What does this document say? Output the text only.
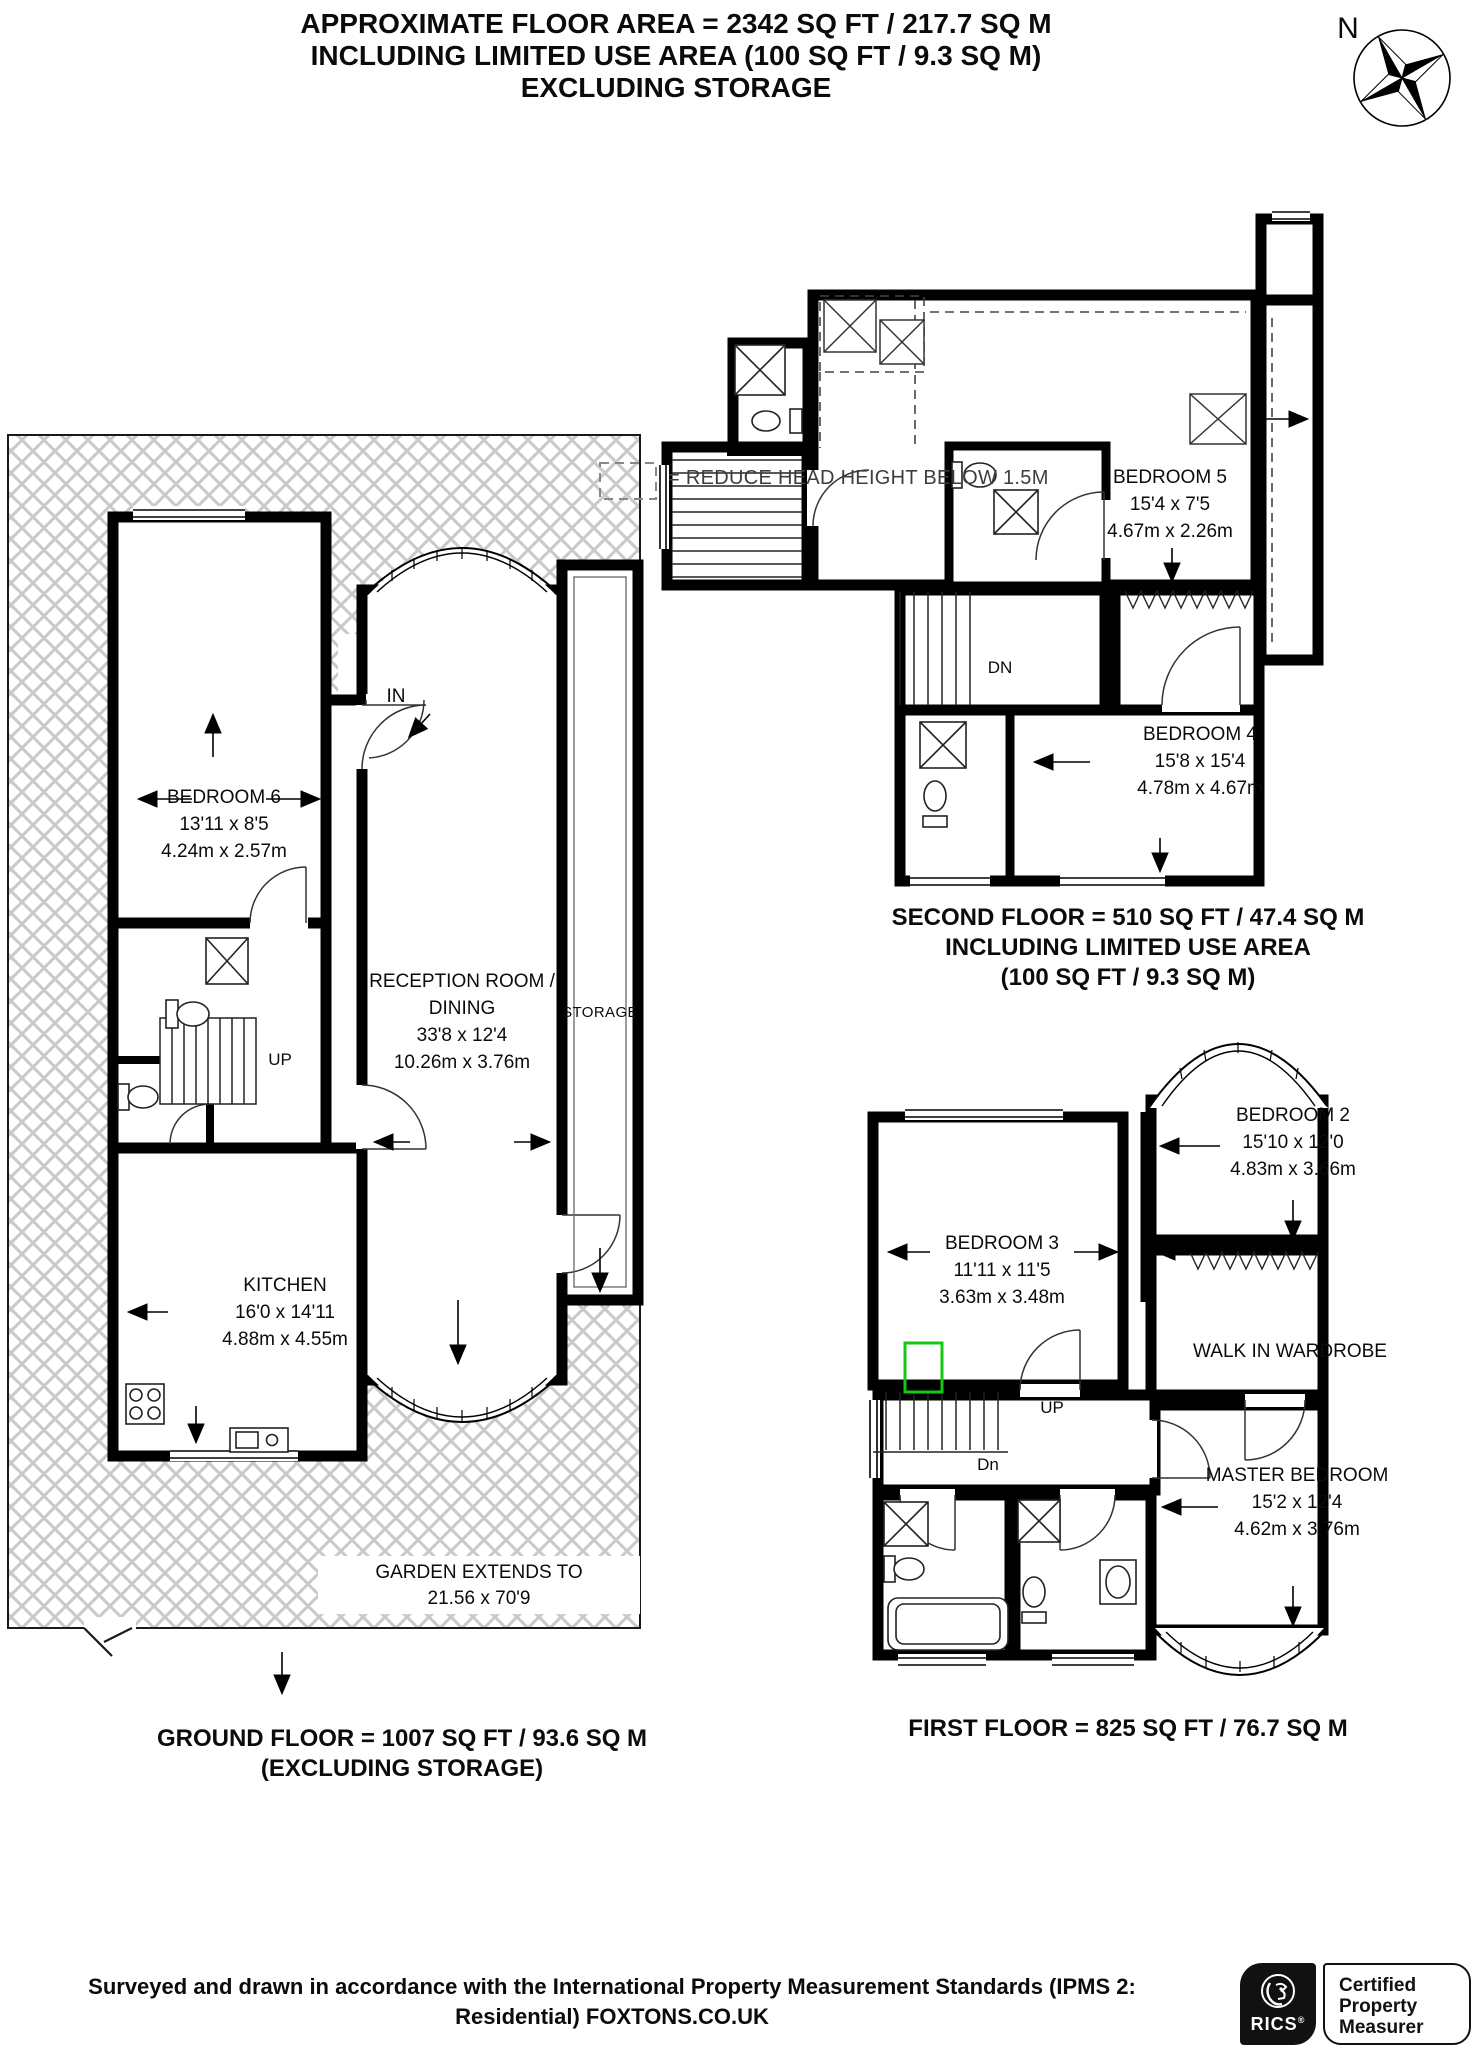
APPROXIMATE FLOOR AREA = 2342 SQ FT / 217.7 SQ M
INCLUDING LIMITED USE AREA (100 SQ FT / 9.3 SQ M)
EXCLUDING STORAGE
N
= REDUCE HEAD HEIGHT BELOW 1.5M
BEDROOM 6
13'11 x 8'5
4.24m x 2.57m
RECEPTION ROOM /
DINING
33'8 x 12'4
10.26m x 3.76m
STORAGE
KITCHEN
16'0 x 14'11
4.88m x 4.55m
UP
IN
GARDEN EXTENDS TO
21.56 x 70'9
GROUND FLOOR = 1007 SQ FT / 93.6 SQ M
(EXCLUDING STORAGE)
BEDROOM 5
15'4 x 7'5
4.67m x 2.26m
BEDROOM 4
15'8 x 15'4
4.78m x 4.67m
DN
SECOND FLOOR = 510 SQ FT / 47.4 SQ M
INCLUDING LIMITED USE AREA
(100 SQ FT / 9.3 SQ M)
BEDROOM 2
15'10 x 12'0
4.83m x 3.66m
BEDROOM 3
11'11 x 11'5
3.63m x 3.48m
WALK IN WARDROBE
MASTER BEDROOM
15'2 x 12'4
4.62m x 3.76m
UP
Dn
FIRST FLOOR = 825 SQ FT / 76.7 SQ M
Surveyed and drawn in accordance with the International Property Measurement Standards (IPMS 2:
Residential) FOXTONS.CO.UK	RICS®
Certified
Property
Measurer
